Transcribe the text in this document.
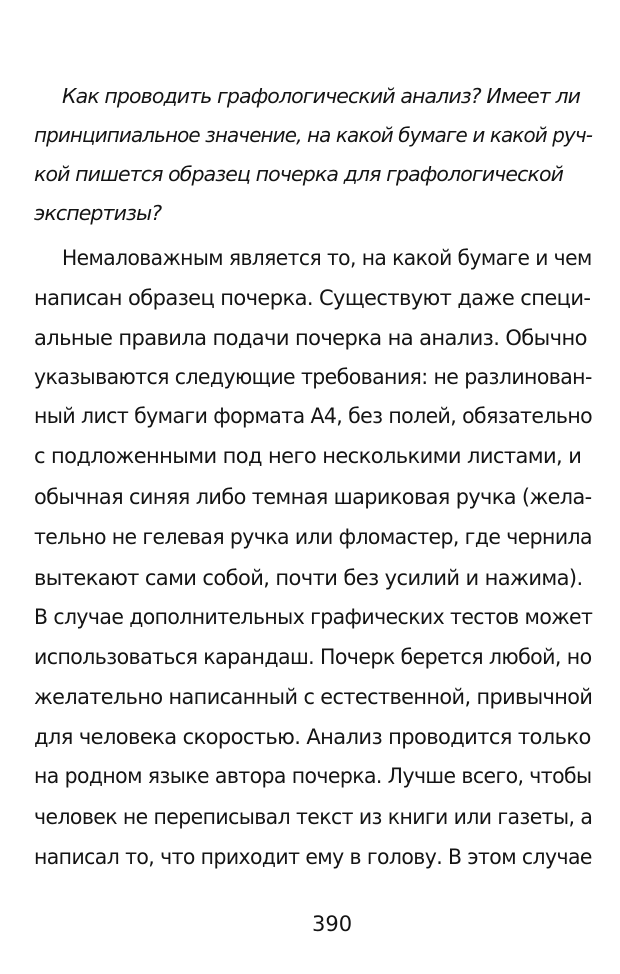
Как проводить графологический анализ? Имеет ли
принципиальное значение, на какой бумаге и какой руч-
кой пишется образец почерка для графологической
экспертизы?
Немаловажным является то, на какой бумаге и чем
написан образец почерка. Существуют даже специ-
альные правила подачи почерка на анализ. Обычно
указываются следующие требования: не разлинован-
ный лист бумаги формата А4, без полей, обязательно
с подложенными под него несколькими листами, и
обычная синяя либо темная шариковая ручка (жела-
тельно не гелевая ручка или фломастер, где чернила
вытекают сами собой, почти без усилий и нажима).
В случае дополнительных графических тестов может
использоваться карандаш. Почерк берется любой, но
желательно написанный с естественной, привычной
для человека скоростью. Анализ проводится только
на родном языке автора почерка. Лучше всего, чтобы
человек не переписывал текст из книги или газеты, а
написал то, что приходит ему в голову. В этом случае
390
